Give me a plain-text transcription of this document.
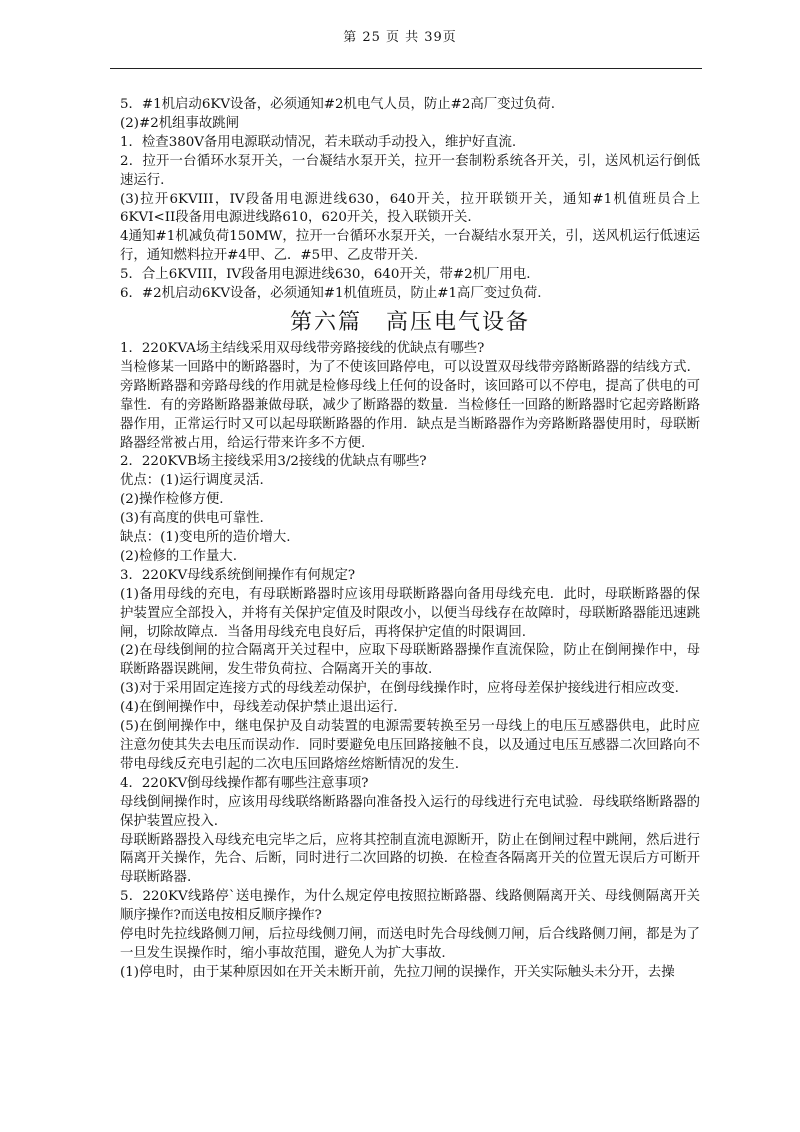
第 25 页 共 39页

5．#1机启动6KV设备，必须通知#2机电气人员，防止#2高厂变过负荷.

(2)#2机组事故跳闸

1．检查380V备用电源联动情况，若未联动手动投入，维护好直流.

2．拉开一台循环水泵开关，一台凝结水泵开关，拉开一套制粉系统各开关，引，送风机运行倒低速运行.

(3)拉开6KVIII，IV段备用电源进线630，640开关，拉开联锁开关，通知#1机值班员合上6KVI<II段备用电源进线路610，620开关，投入联锁开关.

4通知#1机减负荷150MW，拉开一台循环水泵开关，一台凝结水泵开关，引，送风机运行低速运行，通知燃料拉开#4甲、乙．#5甲、乙皮带开关.

5．合上6KVIII，IV段备用电源进线630，640开关，带#2机厂用电.

6．#2机启动6KV设备，必须通知#1机值班员，防止#1高厂变过负荷.

第六篇　高压电气设备

1．220KVA场主结线采用双母线带旁路接线的优缺点有哪些?

当检修某一回路中的断路器时，为了不使该回路停电，可以设置双母线带旁路断路器的结线方式．旁路断路器和旁路母线的作用就是检修母线上任何的设备时，该回路可以不停电，提高了供电的可靠性．有的旁路断路器兼做母联，减少了断路器的数量．当检修任一回路的断路器时它起旁路断路器作用，正常运行时又可以起母联断路器的作用．缺点是当断路器作为旁路断路器使用时，母联断路器经常被占用，给运行带来许多不方便.

2．220KVB场主接线采用3/2接线的优缺点有哪些?

优点：(1)运行调度灵活.

(2)操作检修方便.

(3)有高度的供电可靠性.

缺点：(1)变电所的造价增大.

(2)检修的工作量大.

3．220KV母线系统倒闸操作有何规定?

(1)备用母线的充电，有母联断路器时应该用母联断路器向备用母线充电．此时，母联断路器的保护装置应全部投入，并将有关保护定值及时限改小，以便当母线存在故障时，母联断路器能迅速跳闸，切除故障点．当备用母线充电良好后，再将保护定值的时限调回.

(2)在母线倒闸的拉合隔离开关过程中，应取下母联断路器操作直流保险，防止在倒闸操作中，母联断路器误跳闸，发生带负荷拉、合隔离开关的事故.

(3)对于采用固定连接方式的母线差动保护，在倒母线操作时，应将母差保护接线进行相应改变.

(4)在倒闸操作中，母线差动保护禁止退出运行.

(5)在倒闸操作中，继电保护及自动装置的电源需要转换至另一母线上的电压互感器供电，此时应注意勿使其失去电压而误动作．同时要避免电压回路接触不良，以及通过电压互感器二次回路向不带电母线反充电引起的二次电压回路熔丝熔断情况的发生.

4．220KV倒母线操作都有哪些注意事项?

母线倒闸操作时，应该用母线联络断路器向准备投入运行的母线进行充电试验．母线联络断路器的保护装置应投入.

母联断路器投入母线充电完毕之后，应将其控制直流电源断开，防止在倒闸过程中跳闸，然后进行隔离开关操作，先合、后断，同时进行二次回路的切换．在检查各隔离开关的位置无误后方可断开母联断路器.

5．220KV线路停`送电操作，为什么规定停电按照拉断路器、线路侧隔离开关、母线侧隔离开关顺序操作?而送电按相反顺序操作?

停电时先拉线路侧刀闸，后拉母线侧刀闸，而送电时先合母线侧刀闸，后合线路侧刀闸，都是为了一旦发生误操作时，缩小事故范围，避免人为扩大事故.

(1)停电时，由于某种原因如在开关未断开前，先拉刀闸的误操作，开关实际触头未分开，去操
